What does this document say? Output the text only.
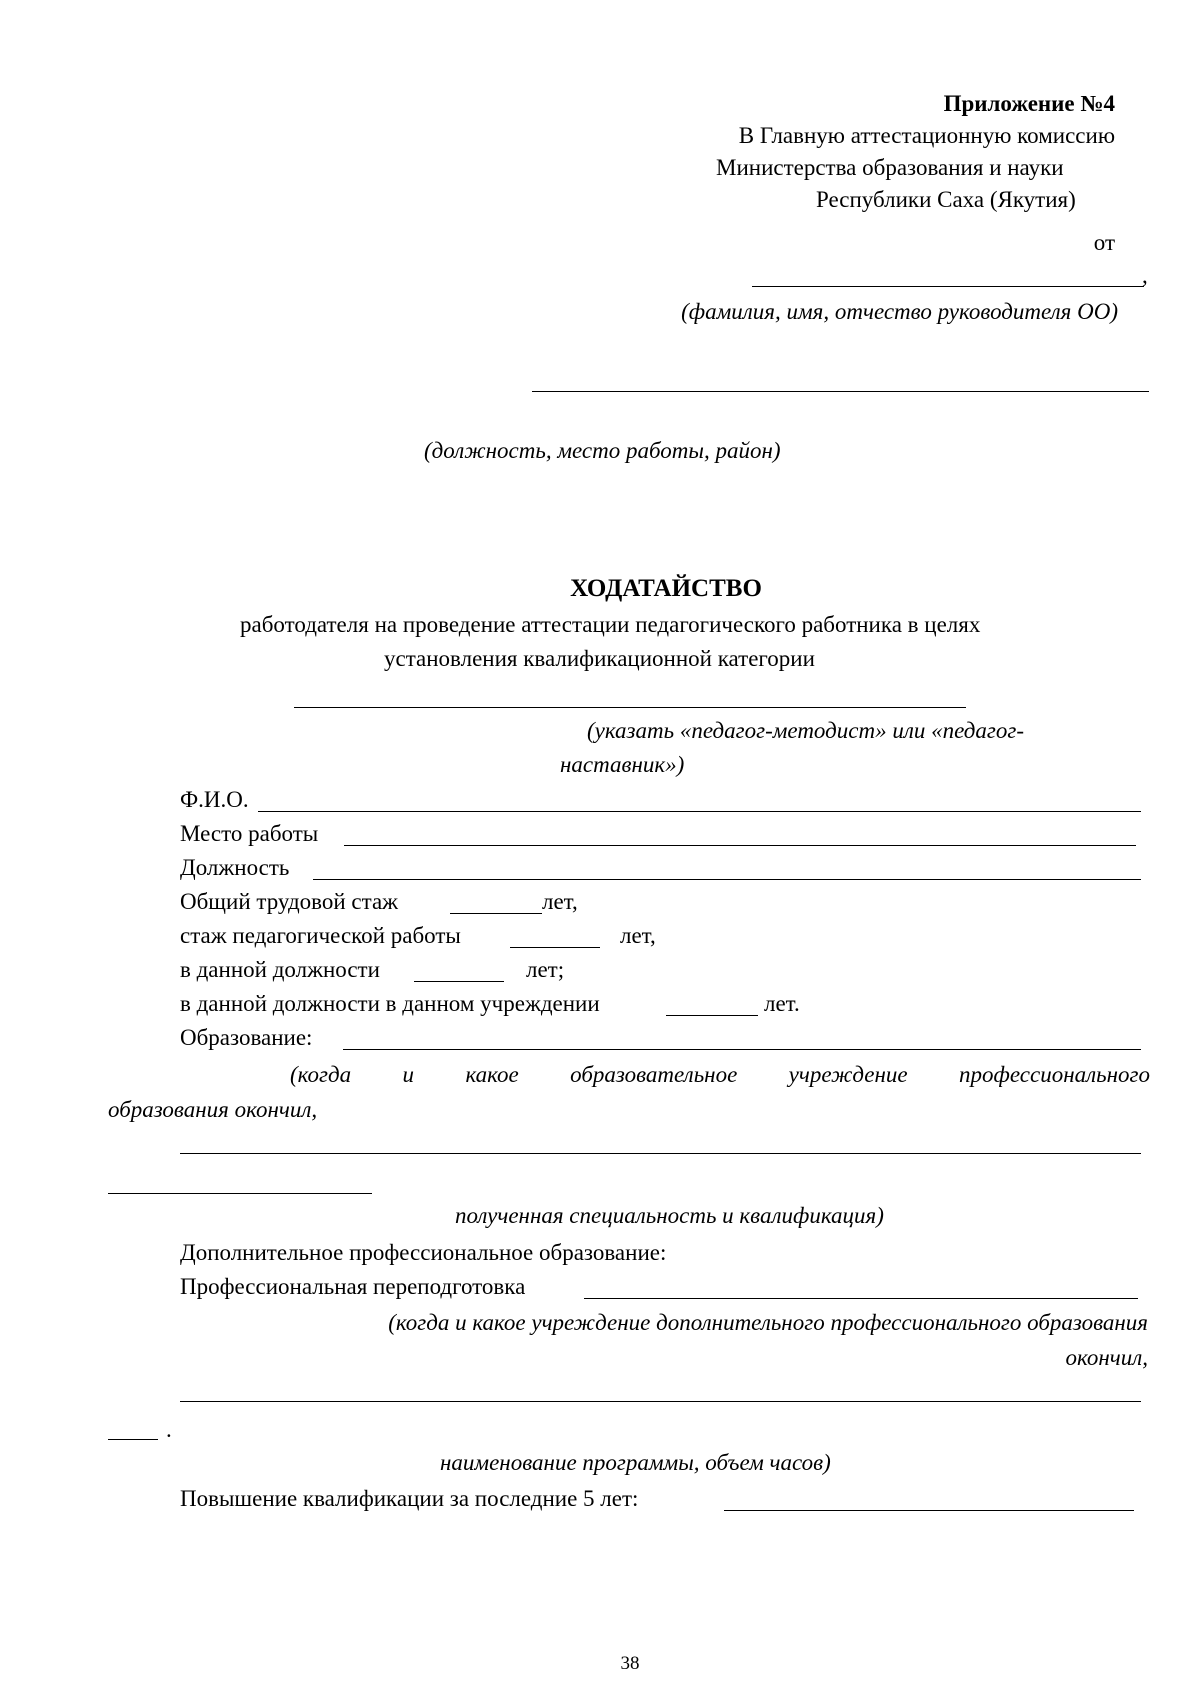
Приложение №4
В Главную аттестационную комиссию
Министерства образования и науки
Республики Саха (Якутия)
от
,
(фамилия, имя, отчество руководителя ОО)
(должность, место работы, район)
ХОДАТАЙСТВО
работодателя на проведение аттестации педагогического работника в целях
установления квалификационной категории
(указать «педагог-методист» или «педагог-
наставник»)
Ф.И.О.
Место работы
Должность
Общий трудовой стаж	лет,
стаж педагогической работы	лет,
в данной должности	лет;
в данной должности в данном учреждении	лет.
Образование:
(когда и какое образовательное учреждение профессионального
образования окончил,
полученная специальность и квалификация)
Дополнительное профессиональное образование:
Профессиональная переподготовка
(когда и какое учреждение дополнительного профессионального образования
окончил,
.
наименование программы, объем часов)
Повышение квалификации за последние 5 лет:
38
